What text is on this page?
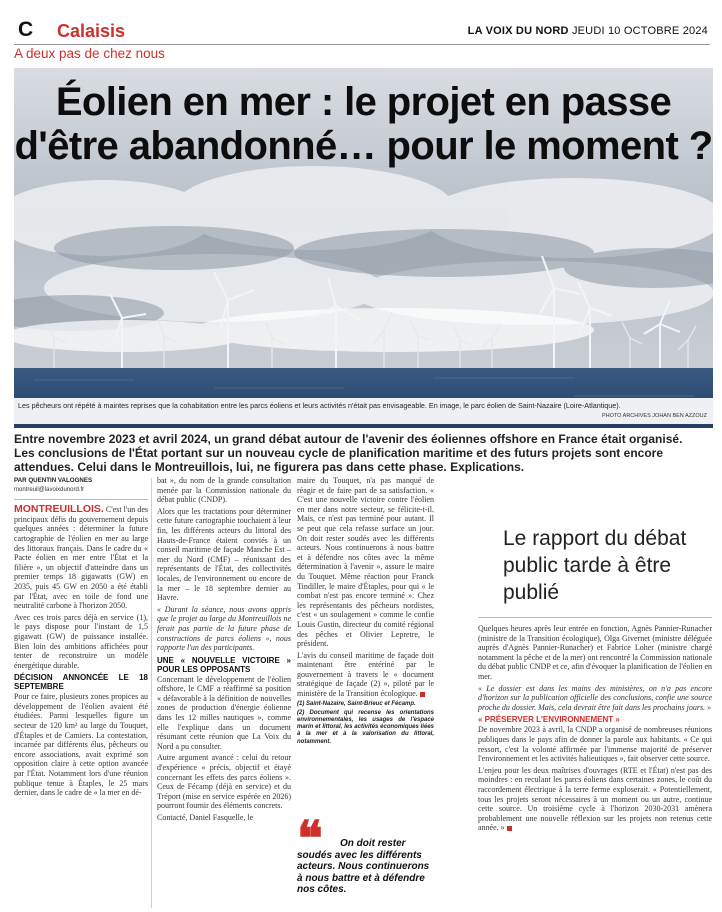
C Calaisis	LA VOIX DU NORD JEUDI 10 OCTOBRE 2024
A deux pas de chez nous
Éolien en mer : le projet en passe
d'être abandonné… pour le moment ?
Les pêcheurs ont répété à maintes reprises que la cohabitation entre les parcs éoliens et leurs activités n'était pas envisageable. En image, le parc éolien de Saint-Nazaire (Loire-Atlantique).
PHOTO ARCHIVES JOHAN BEN AZZOUZ
Entre novembre 2023 et avril 2024, un grand débat autour de l'avenir des éoliennes offshore en France était organisé. Les conclusions de l'État portant sur un nouveau cycle de planification maritime et des futurs projets sont encore attendues. Celui dans le Montreuillois, lui, ne figurera pas dans cette phase. Explications.
PAR QUENTIN VALOGNES
montreuil@lavoixdunord.fr

MONTREUILLOIS. C'est l'un des principaux défis du gouvernement depuis quelques années : déterminer la future cartographie de l'éolien en mer au large des littoraux français. Dans le cadre du « Pacte éolien en mer entre l'État et la filière », un objectif d'atteindre dans un premier temps 18 gigawatts (GW) en 2035, puis 45 GW en 2050 a été établi par l'État, avec en toile de fond une neutralité carbone à l'horizon 2050.

Avec ces trois parcs déjà en service (1), le pays dispose pour l'instant de 1,5 gigawatt (GW) de puissance installée. Bien loin des ambitions affichées pour tenter de reconstruire un modèle énergétique durable.

DÉCISION ANNONCÉE LE 18 SEPTEMBRE

Pour ce faire, plusieurs zones propices au développement de l'éolien avaient été étudiées. Parmi lesquelles figure un secteur de 120 km² au large du Touquet, d'Étaples et de Camiers. La contestation, incarnée par différents élus, pêcheurs ou encore associations, avait exprimé son opposition claire à cette option avancée par l'État. Notamment lors d'une réunion publique tenue à Étaples, le 25 mars dernier, dans le cadre de « la mer en dé-

bat », du nom de la grande consultation menée par la Commission nationale du débat public (CNDP).

Alors que les tractations pour déterminer cette future cartographie touchaient à leur fin, les différents acteurs du littoral des Hauts-de-France étaient conviés à un conseil maritime de façade Manche Est – mer du Nord (CMF) – réunissant des représentants de l'État, des collectivités locales, de l'environnement ou encore de la mer – le 18 septembre dernier au Havre.

« Durant la séance, nous avons appris que le projet au large du Montreuillois ne ferait pas partie de la future phase de constructions de parcs éoliens », nous rapporte l'un des participants.

UNE « NOUVELLE VICTOIRE » POUR LES OPPOSANTS

Concernant le développement de l'éolien offshore, le CMF a réaffirmé sa position « défavorable à la définition de nouvelles zones de production d'énergie éolienne dans les 12 milles nautiques », comme elle l'explique dans un document résumant cette réunion que La Voix du Nord a pu consulter.

Autre argument avancé : celui du retour d'expérience « précis, objectif et étayé concernant les effets des parcs éoliens ». Ceux de Fécamp (déjà en service) et du Tréport (mise en service espérée en 2026) pourront fournir des éléments concrets.

Contacté, Daniel Fasquelle, le

maire du Touquet, n'a pas manqué de réagir et de faire part de sa satisfaction. « C'est une nouvelle victoire contre l'éolien en mer dans notre secteur, se félicite-t-il. Mais, ce n'est pas terminé pour autant. Il se peut que cela refasse surface un jour. On doit rester soudés avec les différents acteurs. Nous continuerons à nous battre et à défendre nos côtes avec la même détermination à l'avenir », assure le maire du Touquet. Même réaction pour Franck Tindiller, le maire d'Étaples, pour qui « le combat n'est pas encore terminé ». Chez les représentants des pêcheurs nordistes, c'est « un soulagement » comme le confie Louis Gustin, directeur du comité régional des pêches et Olivier Lepretre, le président.

L'avis du conseil maritime de façade doit maintenant être entériné par le gouvernement à travers le « document stratégique de façade (2) », piloté par le ministère de la Transition écologique.

(1) Saint-Nazaire, Saint-Brieuc et Fécamp.
(2) Document qui recense les orientations environnementales, les usages de l'espace marin et littoral, les activités économiques liées à la mer et à la valorisation du littoral, notamment.
❝	On doit rester soudés avec les différents acteurs. Nous continuerons à nous battre et à défendre nos côtes.
Le rapport du débat public tarde à être publié

Quelques heures après leur entrée en fonction, Agnès Pannier-Runacher (ministre de la Transition écologique), Olga Givernet (ministre déléguée auprès d'Agnès Pannier-Runacher) et Fabrice Loher (ministre chargé notamment la pêche et de la mer) ont rencontré la Commission nationale du débat public CNDP et ce, afin d'évoquer la planification de l'éolien en mer.

« Le dossier est dans les mains des ministères, on n'a pas encore d'horizon sur la publication officielle des conclusions, confie une source proche du dossier. Mais, cela devrait être fait dans les prochains jours. »

« PRÉSERVER L'ENVIRONNEMENT »

De novembre 2023 à avril, la CNDP a organisé de nombreuses réunions publiques dans le pays afin de donner la parole aux habitants. « Ce qui ressort, c'est la volonté affirmée par l'immense majorité de préserver l'environnement et les activités halieutiques », fait observer cette source.

L'enjeu pour les deux maîtrises d'ouvrages (RTE et l'État) n'est pas des moindres : en reculant les parcs éoliens dans certaines zones, le coût du raccordement électrique à la terre ferme exploserait. « Potentiellement, tous les projets seront nécessaires à un moment ou un autre, continue cette source. Un troisième cycle à l'horizon 2030-2031 amènera probablement une nouvelle réflexion sur les projets non retenus cette année. »
